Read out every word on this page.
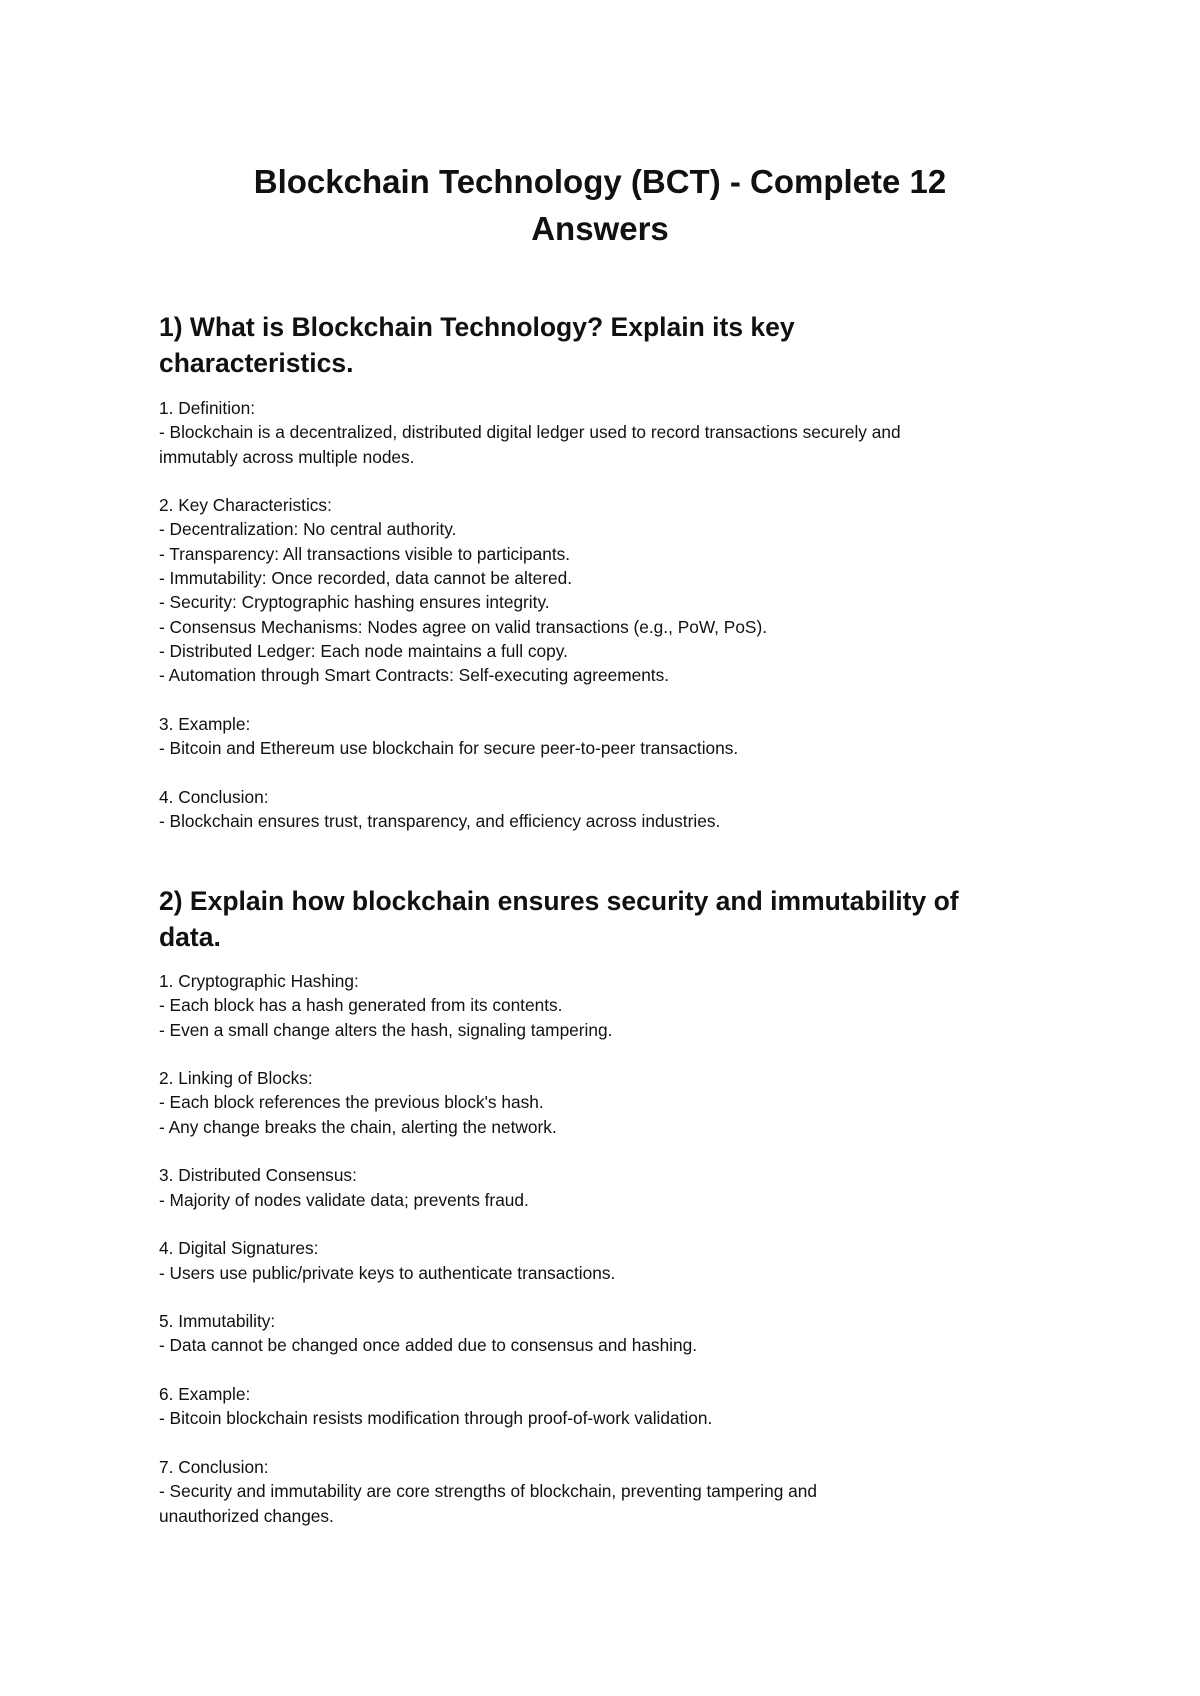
Blockchain Technology (BCT) - Complete 12
Answers
1) What is Blockchain Technology? Explain its key
characteristics.
1. Definition:
- Blockchain is a decentralized, distributed digital ledger used to record transactions securely and
immutably across multiple nodes.
2. Key Characteristics:
- Decentralization: No central authority.
- Transparency: All transactions visible to participants.
- Immutability: Once recorded, data cannot be altered.
- Security: Cryptographic hashing ensures integrity.
- Consensus Mechanisms: Nodes agree on valid transactions (e.g., PoW, PoS).
- Distributed Ledger: Each node maintains a full copy.
- Automation through Smart Contracts: Self-executing agreements.
3. Example:
- Bitcoin and Ethereum use blockchain for secure peer-to-peer transactions.
4. Conclusion:
- Blockchain ensures trust, transparency, and efficiency across industries.
2) Explain how blockchain ensures security and immutability of
data.
1. Cryptographic Hashing:
- Each block has a hash generated from its contents.
- Even a small change alters the hash, signaling tampering.
2. Linking of Blocks:
- Each block references the previous block's hash.
- Any change breaks the chain, alerting the network.
3. Distributed Consensus:
- Majority of nodes validate data; prevents fraud.
4. Digital Signatures:
- Users use public/private keys to authenticate transactions.
5. Immutability:
- Data cannot be changed once added due to consensus and hashing.
6. Example:
- Bitcoin blockchain resists modification through proof-of-work validation.
7. Conclusion:
- Security and immutability are core strengths of blockchain, preventing tampering and
unauthorized changes.
